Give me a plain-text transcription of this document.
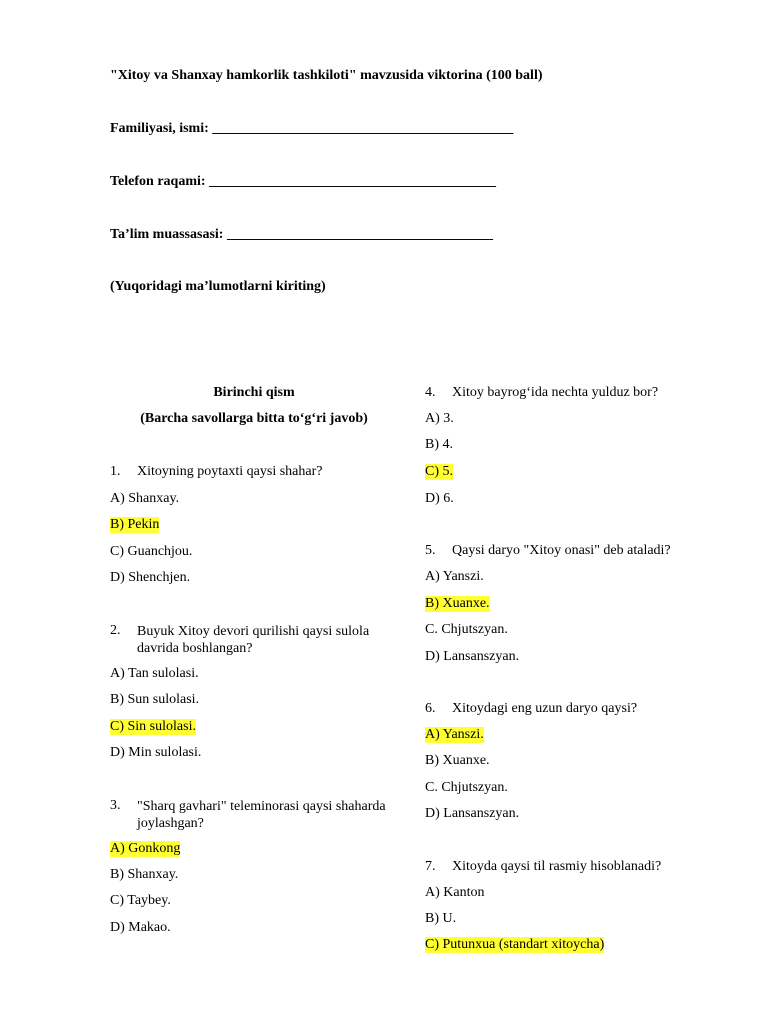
"Xitoy va Shanxay hamkorlik tashkiloti" mavzusida viktorina (100 ball)
Familiyasi, ismi: ___________________________________________
Telefon raqami: _________________________________________
Ta’lim muassasasi: ______________________________________
(Yuqoridagi ma’lumotlarni kiriting)
Birinchi qism
(Barcha savollarga bitta to‘g‘ri javob)
1. Xitoyning poytaxti qaysi shahar?
A) Shanxay.
B) Pekin
C) Guanchjou.
D) Shenchjen.
2. Buyuk Xitoy devori qurilishi qaysi sulola davrida boshlangan?
A) Tan sulolasi.
B) Sun sulolasi.
C) Sin sulolasi.
D) Min sulolasi.
3. "Sharq gavhari" teleminorasi qaysi shaharda joylashgan?
A) Gonkong
B) Shanxay.
C) Taybey.
D) Makao.
4. Xitoy bayrog‘ida nechta yulduz bor?
A) 3.
B) 4.
C) 5.
D) 6.
5. Qaysi daryo "Xitoy onasi" deb ataladi?
A) Yanszi.
B) Xuanxe.
C. Chjutszyan.
D) Lansanszyan.
6. Xitoydagi eng uzun daryo qaysi?
A) Yanszi.
B) Xuanxe.
C. Chjutszyan.
D) Lansanszyan.
7. Xitoyda qaysi til rasmiy hisoblanadi?
A) Kanton
B) U.
C) Putunxua (standart xitoycha)
